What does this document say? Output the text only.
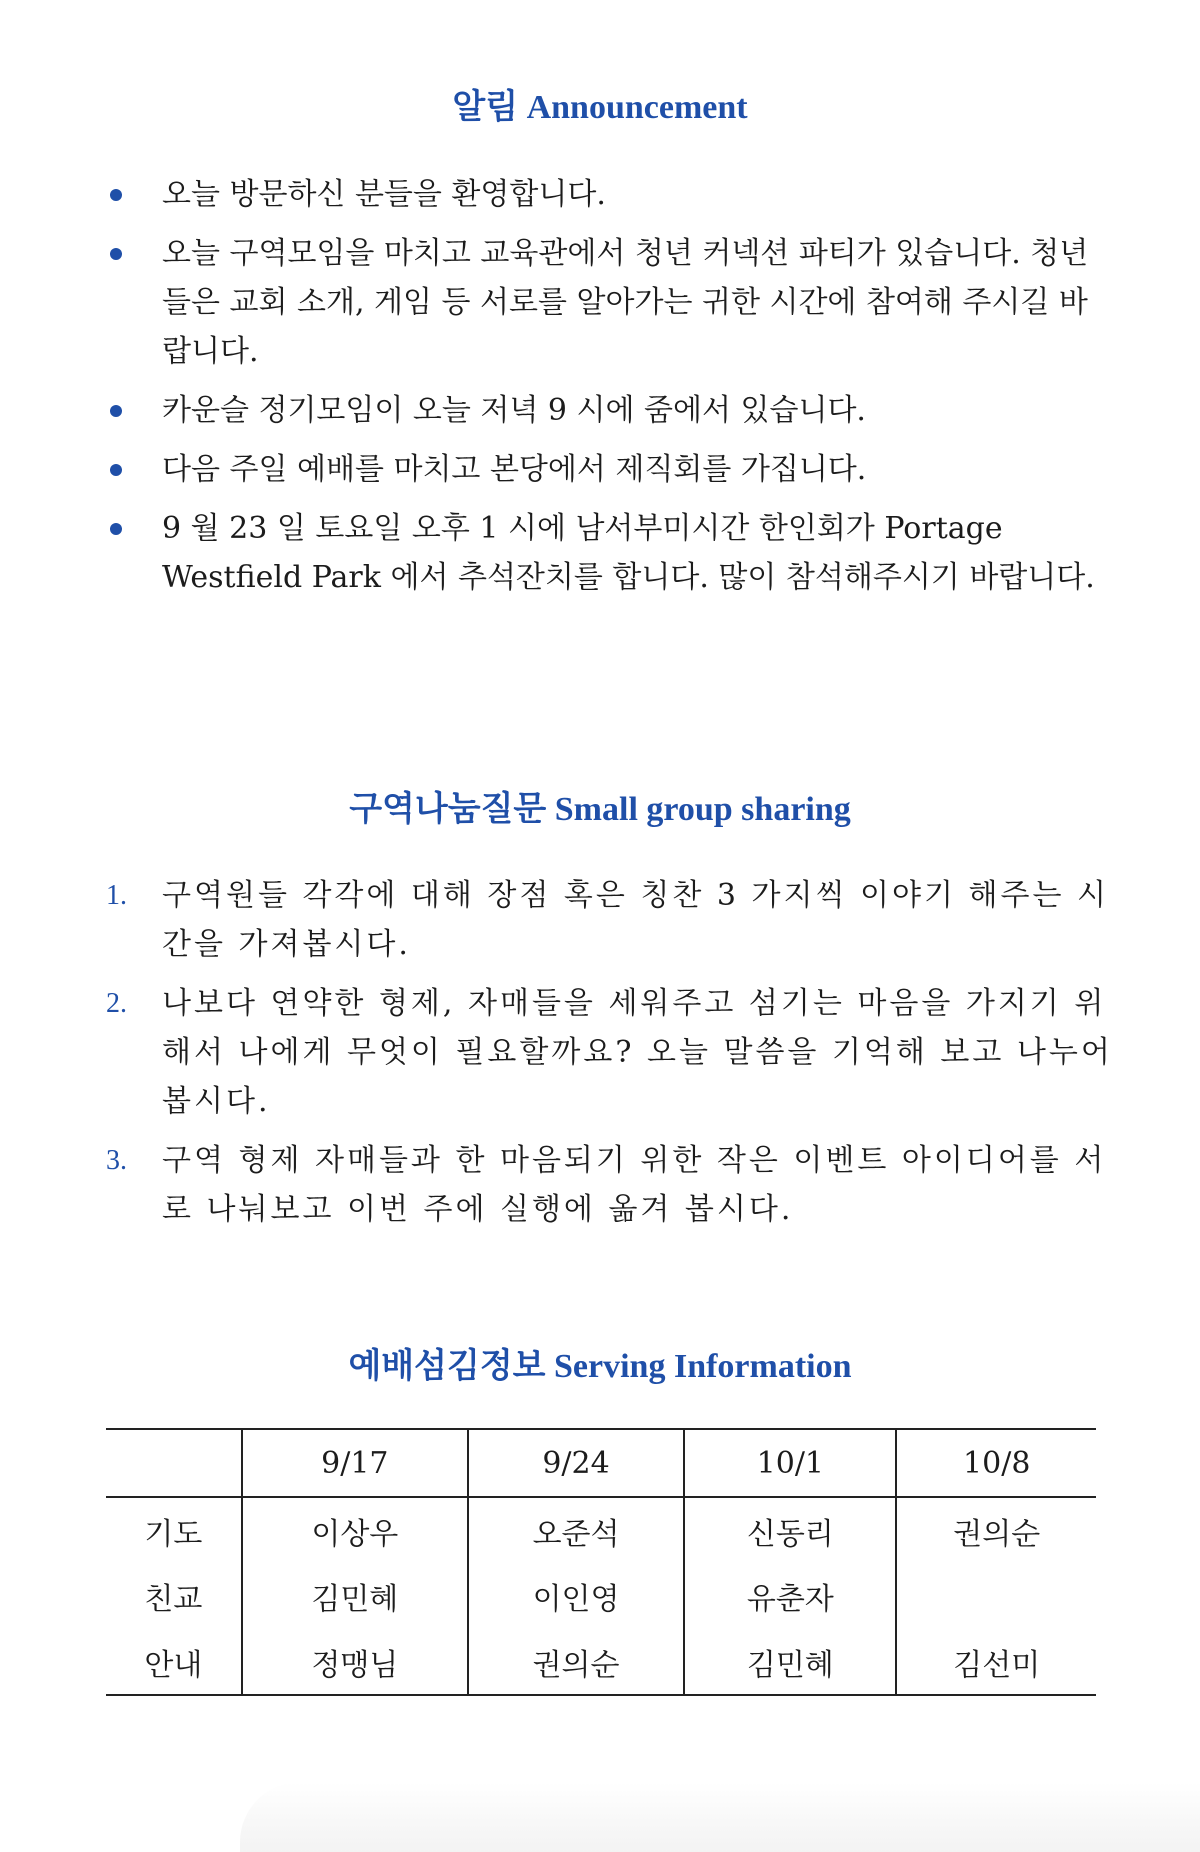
알림 Announcement
오늘 방문하신 분들을 환영합니다.
오늘 구역모임을 마치고 교육관에서 청년 커넥션 파티가 있습니다. 청년들은 교회 소개, 게임 등 서로를 알아가는 귀한 시간에 참여해 주시길 바랍니다.
카운슬 정기모임이 오늘 저녁 9 시에 줌에서 있습니다.
다음 주일 예배를 마치고 본당에서 제직회를 가집니다.
9 월 23 일 토요일 오후 1 시에 남서부미시간 한인회가 Portage Westfield Park 에서 추석잔치를 합니다. 많이 참석해주시기 바랍니다.
구역나눔질문 Small group sharing
1. 구역원들 각각에 대해 장점 혹은 칭찬 3 가지씩 이야기 해주는 시간을 가져봅시다.
2. 나보다 연약한 형제, 자매들을 세워주고 섬기는 마음을 가지기 위해서 나에게 무엇이 필요할까요? 오늘 말씀을 기억해 보고 나누어 봅시다.
3. 구역 형제 자매들과 한 마음되기 위한 작은 이벤트 아이디어를 서로 나눠보고 이번 주에 실행에 옮겨 봅시다.
예배섬김정보 Serving Information
	9/17	9/24	10/1	10/8
기도	이상우	오준석	신동리	권의순
친교	김민혜	이인영	유춘자	
안내	정맹님	권의순	김민혜	김선미
